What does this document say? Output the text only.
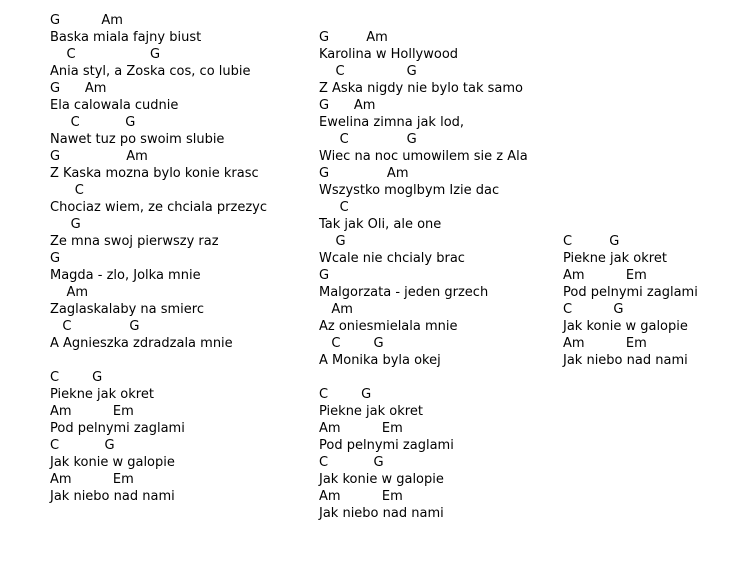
G          Am
Baska miala fajny biust
C                  G
Ania styl, a Zoska cos, co lubie
G      Am
Ela calowala cudnie
C           G
Nawet tuz po swoim slubie
G                Am
Z Kaska mozna bylo konie krasc
C
Chociaz wiem, ze chciala przezyc
G
Ze mna swoj pierwszy raz
G
Magda - zlo, Jolka mnie
Am
Zaglaskalaby na smierc
C              G
A Agnieszka zdradzala mnie

C        G
Piekne jak okret
Am          Em
Pod pelnymi zaglami
C           G
Jak konie w galopie
Am          Em
Jak niebo nad nami
G         Am
Karolina w Hollywood
C               G
Z Aska nigdy nie bylo tak samo
G      Am
Ewelina zimna jak lod,
C              G
Wiec na noc umowilem sie z Ala
G              Am
Wszystko moglbym Izie dac
C
Tak jak Oli, ale one
G
Wcale nie chcialy brac
G
Malgorzata - jeden grzech
Am
Az oniesmielala mnie
C        G
A Monika byla okej

C        G
Piekne jak okret
Am          Em
Pod pelnymi zaglami
C           G
Jak konie w galopie
Am          Em
Jak niebo nad nami
C         G
Piekne jak okret
Am          Em
Pod pelnymi zaglami
C          G
Jak konie w galopie
Am          Em
Jak niebo nad nami
